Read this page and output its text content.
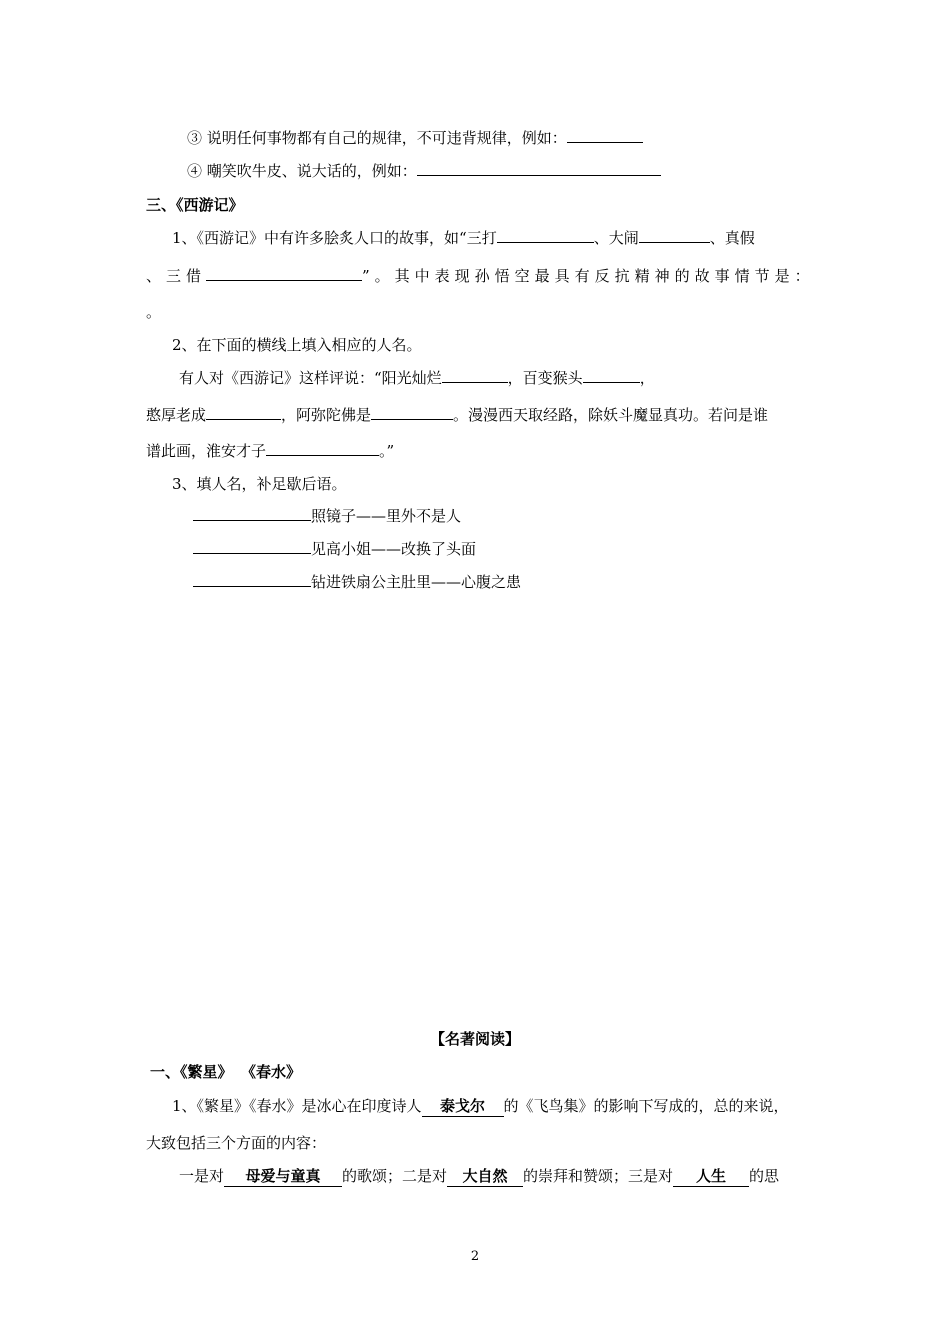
③ 说明任何事物都有自己的规律，不可违背规律，例如：
④ 嘲笑吹牛皮、说大话的，例如：
三、《西游记》
1、《西游记》中有许多脍炙人口的故事，如“三打	、大闹	、真假
、三借	”。其中表现孙悟空最具有反抗精神的故事情节是：
。
2、在下面的横线上填入相应的人名。
有人对《西游记》这样评说：“阳光灿烂	，百变猴头	，
憨厚老成	，阿弥陀佛是	。漫漫西天取经路，除妖斗魔显真功。若问是谁
谱此画，淮安才子	。”
3、填人名，补足歇后语。
照镜子——里外不是人
见高小姐——改换了头面
钻进铁扇公主肚里——心腹之患
【名著阅读】
一、《繁星》 《春水》
1、《繁星》《春水》是冰心在印度诗人 泰戈尔 的《飞鸟集》的影响下写成的，总的来说，
大致包括三个方面的内容：
一是对 母爱与童真 的歌颂；二是对 大自然 的崇拜和赞颂；三是对 人生 的思
2
